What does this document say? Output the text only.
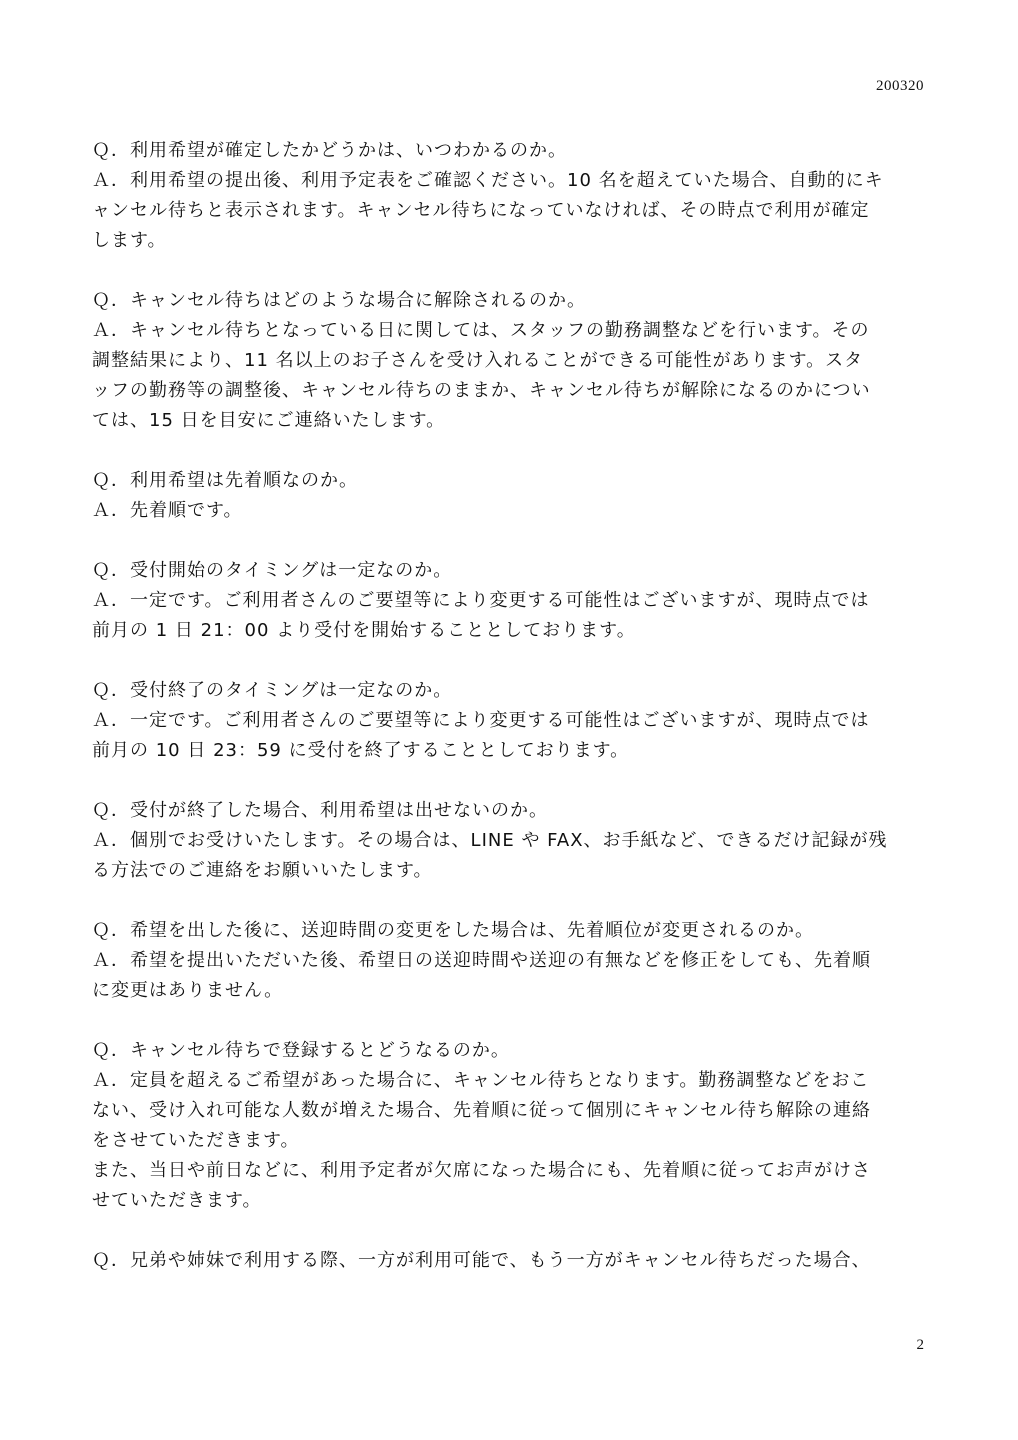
200320

Ｑ．利用希望が確定したかどうかは、いつわかるのか。

Ａ．利用希望の提出後、利用予定表をご確認ください。10 名を超えていた場合、自動的にキ

ャンセル待ちと表示されます。キャンセル待ちになっていなければ、その時点で利用が確定

します。

Ｑ．キャンセル待ちはどのような場合に解除されるのか。

Ａ．キャンセル待ちとなっている日に関しては、スタッフの勤務調整などを行います。その

調整結果により、11 名以上のお子さんを受け入れることができる可能性があります。スタ

ッフの勤務等の調整後、キャンセル待ちのままか、キャンセル待ちが解除になるのかについ

ては、15 日を目安にご連絡いたします。

Ｑ．利用希望は先着順なのか。

Ａ．先着順です。

Ｑ．受付開始のタイミングは一定なのか。

Ａ．一定です。ご利用者さんのご要望等により変更する可能性はございますが、現時点では

前月の 1 日 21：00 より受付を開始することとしております。

Ｑ．受付終了のタイミングは一定なのか。

Ａ．一定です。ご利用者さんのご要望等により変更する可能性はございますが、現時点では

前月の 10 日 23：59 に受付を終了することとしております。

Ｑ．受付が終了した場合、利用希望は出せないのか。

Ａ．個別でお受けいたします。その場合は、LINE や FAX、お手紙など、できるだけ記録が残

る方法でのご連絡をお願いいたします。

Ｑ．希望を出した後に、送迎時間の変更をした場合は、先着順位が変更されるのか。

Ａ．希望を提出いただいた後、希望日の送迎時間や送迎の有無などを修正をしても、先着順

に変更はありません。

Ｑ．キャンセル待ちで登録するとどうなるのか。

Ａ．定員を超えるご希望があった場合に、キャンセル待ちとなります。勤務調整などをおこ

ない、受け入れ可能な人数が増えた場合、先着順に従って個別にキャンセル待ち解除の連絡

をさせていただきます。

また、当日や前日などに、利用予定者が欠席になった場合にも、先着順に従ってお声がけさ

せていただきます。

Ｑ．兄弟や姉妹で利用する際、一方が利用可能で、もう一方がキャンセル待ちだった場合、

2
